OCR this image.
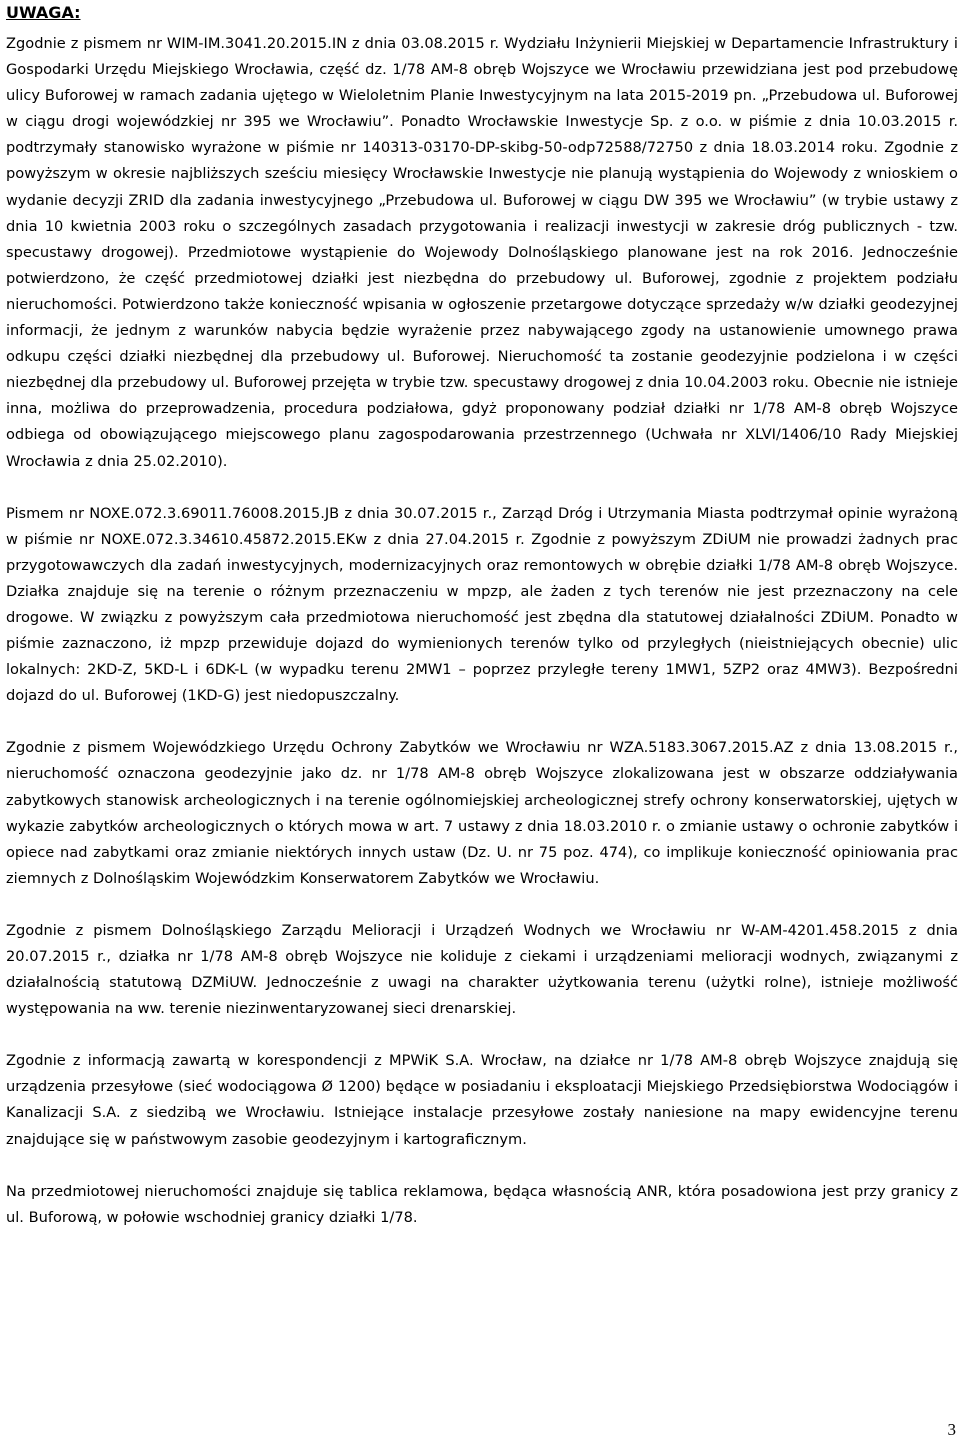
UWAGA:

Zgodnie z pismem nr WIM-IM.3041.20.2015.IN z dnia 03.08.2015 r. Wydziału Inżynierii Miejskiej w Departamencie Infrastruktury i Gospodarki Urzędu Miejskiego Wrocławia, część dz. 1/78 AM-8 obręb Wojszyce we Wrocławiu przewidziana jest pod przebudowę ulicy Buforowej w ramach zadania ujętego w Wieloletnim Planie Inwestycyjnym na lata 2015-2019 pn. „Przebudowa ul. Buforowej w ciągu drogi wojewódzkiej nr 395 we Wrocławiu”. Ponadto Wrocławskie Inwestycje Sp. z o.o. w piśmie z dnia 10.03.2015 r. podtrzymały stanowisko wyrażone w piśmie nr 140313-03170-DP-skibg-50-odp72588/72750 z dnia 18.03.2014 roku. Zgodnie z powyższym w okresie najbliższych sześciu miesięcy Wrocławskie Inwestycje nie planują wystąpienia do Wojewody z wnioskiem o wydanie decyzji ZRID dla zadania inwestycyjnego „Przebudowa ul. Buforowej w ciągu DW 395 we Wrocławiu” (w trybie ustawy z dnia 10 kwietnia 2003 roku o szczególnych zasadach przygotowania i realizacji inwestycji w zakresie dróg publicznych - tzw. specustawy drogowej). Przedmiotowe wystąpienie do Wojewody Dolnośląskiego planowane jest na rok 2016. Jednocześnie potwierdzono, że część przedmiotowej działki jest niezbędna do przebudowy ul. Buforowej, zgodnie z projektem podziału nieruchomości. Potwierdzono także konieczność wpisania w ogłoszenie przetargowe dotyczące sprzedaży w/w działki geodezyjnej informacji, że jednym z warunków nabycia będzie wyrażenie przez nabywającego zgody na ustanowienie umownego prawa odkupu części działki niezbędnej dla przebudowy ul. Buforowej. Nieruchomość ta zostanie geodezyjnie podzielona i w części niezbędnej dla przebudowy ul. Buforowej przejęta w trybie tzw. specustawy drogowej z dnia 10.04.2003 roku. Obecnie nie istnieje inna, możliwa do przeprowadzenia, procedura podziałowa, gdyż proponowany podział działki nr 1/78 AM-8 obręb Wojszyce odbiega od obowiązującego miejscowego planu zagospodarowania przestrzennego (Uchwała nr XLVI/1406/10 Rady Miejskiej Wrocławia z dnia 25.02.2010).

Pismem nr NOXE.072.3.69011.76008.2015.JB z dnia 30.07.2015 r., Zarząd Dróg i Utrzymania Miasta podtrzymał opinie wyrażoną w piśmie nr NOXE.072.3.34610.45872.2015.EKw z dnia 27.04.2015 r. Zgodnie z powyższym ZDiUM nie prowadzi żadnych prac przygotowawczych dla zadań inwestycyjnych, modernizacyjnych oraz remontowych w obrębie działki 1/78 AM-8 obręb Wojszyce. Działka znajduje się na terenie o różnym przeznaczeniu w mpzp, ale żaden z tych terenów nie jest przeznaczony na cele drogowe. W związku z powyższym cała przedmiotowa nieruchomość jest zbędna dla statutowej działalności ZDiUM. Ponadto w piśmie zaznaczono, iż mpzp przewiduje dojazd do wymienionych terenów tylko od przyległych (nieistniejących obecnie) ulic lokalnych: 2KD-Z, 5KD-L i 6DK-L (w wypadku terenu 2MW1 – poprzez przyległe tereny 1MW1, 5ZP2 oraz 4MW3). Bezpośredni dojazd do ul. Buforowej (1KD-G) jest niedopuszczalny.

Zgodnie z pismem Wojewódzkiego Urzędu Ochrony Zabytków we Wrocławiu nr WZA.5183.3067.2015.AZ z dnia 13.08.2015 r., nieruchomość oznaczona geodezyjnie jako dz. nr 1/78 AM-8 obręb Wojszyce zlokalizowana jest w obszarze oddziaływania zabytkowych stanowisk archeologicznych i na terenie ogólnomiejskiej archeologicznej strefy ochrony konserwatorskiej, ujętych w wykazie zabytków archeologicznych o których mowa w art. 7 ustawy z dnia 18.03.2010 r. o zmianie ustawy o ochronie zabytków i opiece nad zabytkami oraz zmianie niektórych innych ustaw (Dz. U. nr 75 poz. 474), co implikuje konieczność opiniowania prac ziemnych z Dolnośląskim Wojewódzkim Konserwatorem Zabytków we Wrocławiu.

Zgodnie z pismem Dolnośląskiego Zarządu Melioracji i Urządzeń Wodnych we Wrocławiu nr W-AM-4201.458.2015 z dnia 20.07.2015 r., działka nr 1/78 AM-8 obręb Wojszyce nie koliduje z ciekami i urządzeniami melioracji wodnych, związanymi z działalnością statutową DZMiUW. Jednocześnie z uwagi na charakter użytkowania terenu (użytki rolne), istnieje możliwość występowania na ww. terenie niezinwentaryzowanej sieci drenarskiej.

Zgodnie z informacją zawartą w korespondencji z MPWiK S.A. Wrocław, na działce nr 1/78 AM-8 obręb Wojszyce znajdują się urządzenia przesyłowe (sieć wodociągowa Ø 1200) będące w posiadaniu i eksploatacji Miejskiego Przedsiębiorstwa Wodociągów i Kanalizacji S.A. z siedzibą we Wrocławiu. Istniejące instalacje przesyłowe zostały naniesione na mapy ewidencyjne terenu znajdujące się w państwowym zasobie geodezyjnym i kartograficznym.

Na przedmiotowej nieruchomości znajduje się tablica reklamowa, będąca własnością ANR, która posadowiona jest przy granicy z ul. Buforową, w połowie wschodniej granicy działki 1/78.

3
